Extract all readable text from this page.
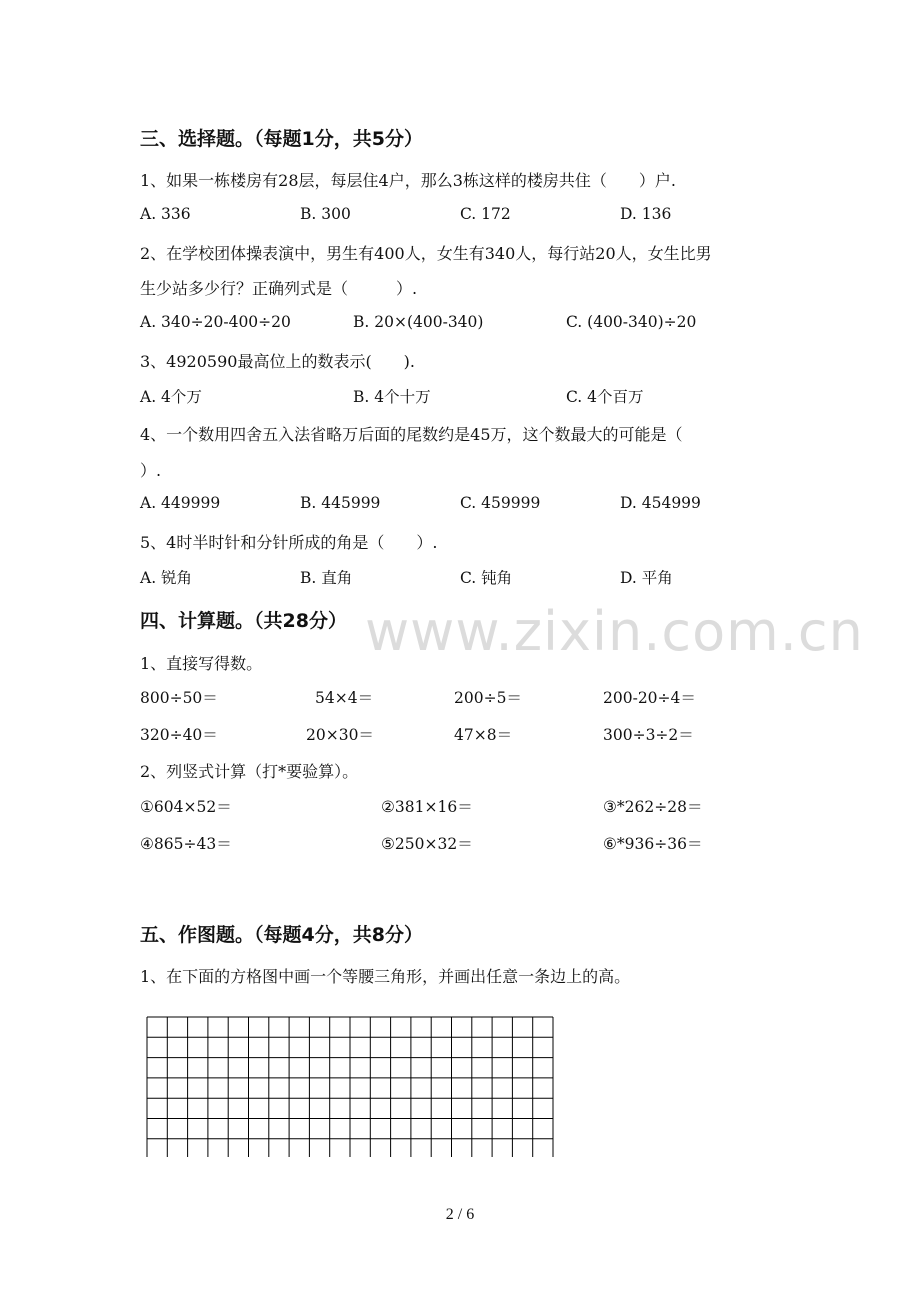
www.zixin.com.cn
三、选择题。（每题1分，共5分）
1、如果一栋楼房有28层，每层住4户，那么3栋这样的楼房共住（　　）户.
A. 336	B. 300	C. 172	D. 136
2、在学校团体操表演中，男生有400人，女生有340人，每行站20人，女生比男
生少站多少行？正确列式是（　　　）.
A. 340÷20-400÷20	B. 20×(400-340)	C. (400-340)÷20
3、4920590最高位上的数表示(　　).
A. 4个万	B. 4个十万	C. 4个百万
4、一个数用四舍五入法省略万后面的尾数约是45万，这个数最大的可能是（
）.
A. 449999	B. 445999	C. 459999	D. 454999
5、4时半时针和分针所成的角是（　　）.
A. 锐角	B. 直角	C. 钝角	D. 平角
四、计算题。（共28分）
1、直接写得数。
800÷50＝	54×4＝	200÷5＝	200-20÷4＝
320÷40＝	20×30＝	47×8＝	300÷3÷2＝
2、列竖式计算（打*要验算）。
①604×52＝	②381×16＝	③*262÷28＝
④865÷43＝	⑤250×32＝	⑥*936÷36＝
五、作图题。（每题4分，共8分）
1、在下面的方格图中画一个等腰三角形，并画出任意一条边上的高。
2 / 6
